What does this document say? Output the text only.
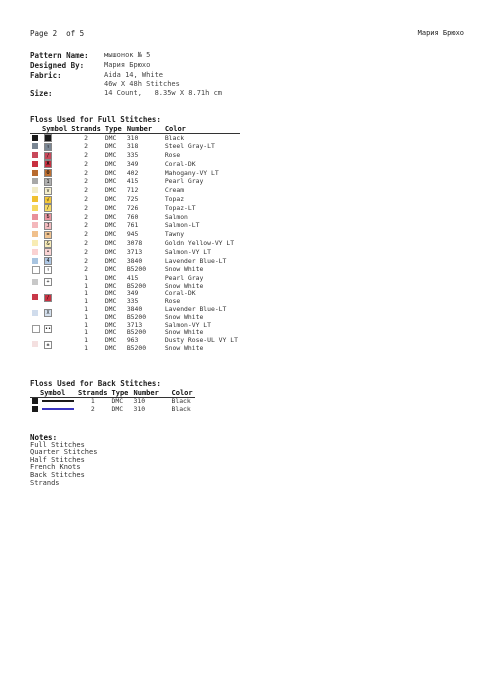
Page 2 of 5	Мария Брюхо
Pattern Name: мышонок № 5
Designed By:	Мария Брюхо
Fabric:	Aida 14, White
46w X 48h Stitches
Size:	14 Count,   8.35w X 8.71h cm
Floss Used for Full Stitches:
	Symbol	Strands	Type	Number	Color
		2	DMC	310	Black
	↑	2	DMC	318	Steel Gray-LT
	/	2	DMC	335	Rose
	Ж	2	DMC	349	Coral-DK
	Ф	2	DMC	402	Mahogany-VY LT
	1	2	DMC	415	Pearl Gray
	v	2	DMC	712	Cream
	√	2	DMC	725	Topaz
	/	2	DMC	726	Topaz-LT
	Б	2	DMC	760	Salmon
	J	2	DMC	761	Salmon-LT
	=	2	DMC	945	Tawny
	&	2	DMC	3078	Goldn Yellow-VY LT
	•	2	DMC	3713	Salmon-VY LT
	4	2	DMC	3840	Lavender Blue-LT
	↑	2	DMC	B5200	Snow White
	+	1	DMC	415	Pearl Gray
		1	DMC	B5200	Snow White
	/	1	DMC	349	Coral-DK
		1	DMC	335	Rose
	X	1	DMC	3840	Lavender Blue-LT
		1	DMC	B5200	Snow White
	••	1	DMC	3713	Salmon-VY LT
		1	DMC	B5200	Snow White
	±	1	DMC	963	Dusty Rose-UL VY LT
		1	DMC	B5200	Snow White
Floss Used for Back Stitches:
	Symbol	Strands	Type	Number	Color
		1	DMC	310	Black
		2	DMC	310	Black
Notes:
Full Stitches
Quarter Stitches
Half Stitches
French Knots
Back Stitches
Strands
